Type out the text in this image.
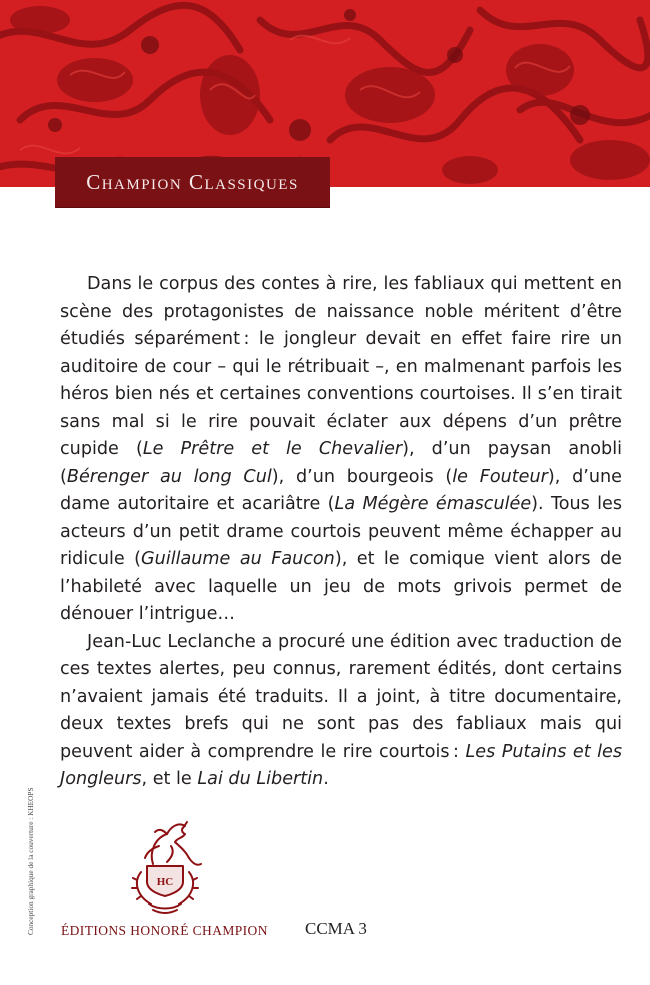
Champion Classiques

Dans le corpus des contes à rire, les fabliaux qui mettent en scène des protagonistes de naissance noble méritent d’être étudiés séparément : le jongleur devait en effet faire rire un auditoire de cour – qui le rétribuait –, en malmenant parfois les héros bien nés et certaines conventions courtoises. Il s’en tirait sans mal si le rire pouvait éclater aux dépens d’un prêtre cupide (Le Prêtre et le Chevalier), d’un paysan anobli (Bérenger au long Cul), d’un bourgeois (le Fouteur), d’une dame autoritaire et acariâtre (La Mégère émasculée). Tous les acteurs d’un petit drame courtois peuvent même échapper au ridicule (Guillaume au Faucon), et le comique vient alors de l’habileté avec laquelle un jeu de mots grivois permet de dénouer l’intrigue…

Jean-Luc Leclanche a procuré une édition avec traduction de ces textes alertes, peu connus, rarement édités, dont certains n’avaient jamais été traduits. Il a joint, à titre documentaire, deux textes brefs qui ne sont pas des fabliaux mais qui peuvent aider à comprendre le rire courtois : Les Putains et les Jongleurs, et le Lai du Libertin.

Conception graphique de la couverture : KHEOPS	HC
ÉDITIONS HONORÉ CHAMPION CCMA 3
